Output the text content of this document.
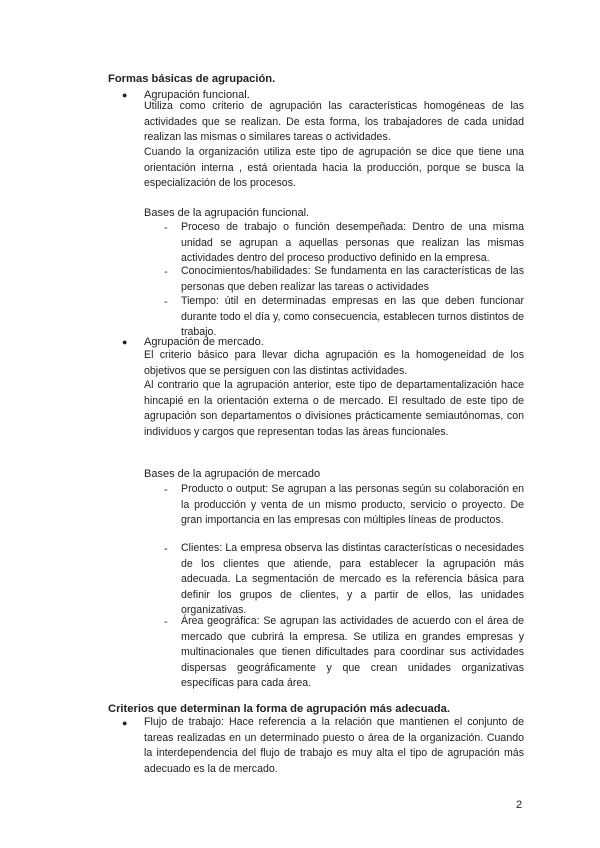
Formas básicas de agrupación.
● Agrupación funcional.
Utiliza como criterio de agrupación las características homogéneas de las actividades que se realizan. De esta forma, los trabajadores de cada unidad realizan las mismas o similares tareas o actividades.
Cuando la organización utiliza este tipo de agrupación se dice que tiene una orientación interna , está orientada hacia la producción, porque se busca la especialización de los procesos.
Bases de la agrupación funcional.
- Proceso de trabajo o función desempeñada: Dentro de una misma unidad se agrupan a aquellas personas que realizan las mismas actividades dentro del proceso productivo definido en la empresa.
- Conocimientos/habilidades: Se fundamenta en las características de las personas que deben realizar las tareas o actividades
- Tiempo: útil en determinadas empresas en las que deben funcionar durante todo el día y, como consecuencia, establecen turnos distintos de trabajo.
● Agrupación de mercado.
El criterio básico para llevar dicha agrupación es la homogeneidad de los objetivos que se persiguen con las distintas actividades.
Al contrario que la agrupación anterior, este tipo de departamentalización hace hincapié en la orientación externa o de mercado. El resultado de este tipo de agrupación son departamentos o divisiones prácticamente semiautónomas, con individuos y cargos que representan todas las áreas funcionales.
Bases de la agrupación de mercado
- Producto o output: Se agrupan a las personas según su colaboración en la producción y venta de un mismo producto, servicio o proyecto. De gran importancia en las empresas con múltiples líneas de productos.
- Clientes: La empresa observa las distintas características o necesidades de los clientes que atiende, para establecer la agrupación más adecuada. La segmentación de mercado es la referencia básica para definir los grupos de clientes, y a partir de ellos, las unidades organizativas.
- Área geográfica: Se agrupan las actividades de acuerdo con el área de mercado que cubrirá la empresa. Se utiliza en grandes empresas y multinacionales que tienen dificultades para coordinar sus actividades dispersas geográficamente y que crean unidades organizativas específicas para cada área.
Criterios que determinan la forma de agrupación más adecuada.
● Flujo de trabajo: Hace referencia a la relación que mantienen el conjunto de tareas realizadas en un determinado puesto o área de la organización. Cuando la interdependencia del flujo de trabajo es muy alta el tipo de agrupación más adecuado es la de mercado.
2
